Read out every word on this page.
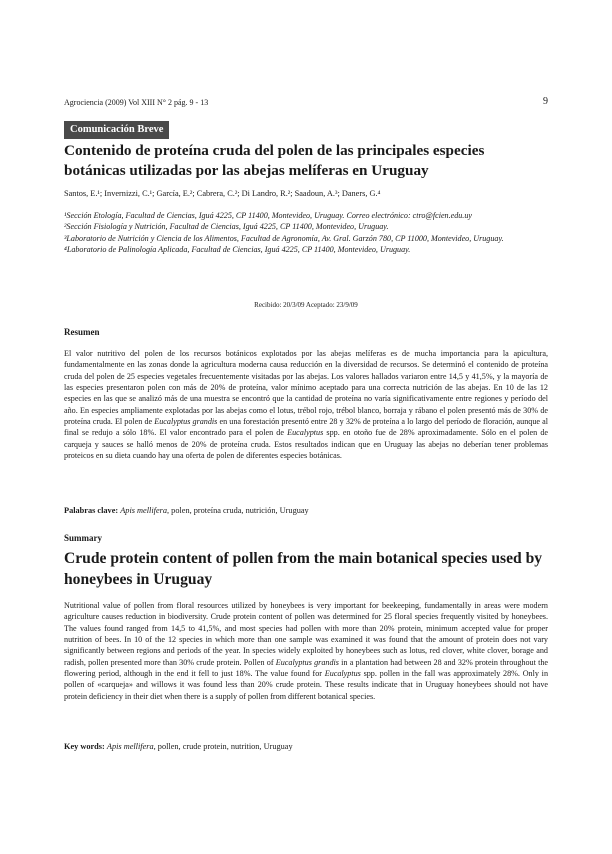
Agrociencia (2009) Vol XIII N° 2 pág. 9 - 13	9
Comunicación Breve
Contenido de proteína cruda del polen de las principales especies botánicas utilizadas por las abejas melíferas en Uruguay
Santos, E.¹; Invernizzi, C.¹; García, E.²; Cabrera, C.²; Di Landro, R.²; Saadoun, A.³; Daners, G.⁴

¹Sección Etología, Facultad de Ciencias, Iguá 4225, CP 11400, Montevideo, Uruguay. Correo electrónico: ctro@fcien.edu.uy

²Sección Fisiología y Nutrición, Facultad de Ciencias, Iguá 4225, CP 11400, Montevideo, Uruguay.

³Laboratorio de Nutrición y Ciencia de los Alimentos, Facultad de Agronomía, Av. Gral. Garzón 780, CP 11000, Montevideo, Uruguay.

⁴Laboratorio de Palinología Aplicada, Facultad de Ciencias, Iguá 4225, CP 11400, Montevideo, Uruguay.

Recibido: 20/3/09 Aceptado: 23/9/09
Resumen

El valor nutritivo del polen de los recursos botánicos explotados por las abejas melíferas es de mucha importancia para la apicultura, fundamentalmente en las zonas donde la agricultura moderna causa reducción en la diversidad de recursos. Se determinó el contenido de proteína cruda del polen de 25 especies vegetales frecuentemente visitadas por las abejas. Los valores hallados variaron entre 14,5 y 41,5%, y la mayoría de las especies presentaron polen con más de 20% de proteína, valor mínimo aceptado para una correcta nutrición de las abejas. En 10 de las 12 especies en las que se analizó más de una muestra se encontró que la cantidad de proteína no varía significativamente entre regiones y período del año. En especies ampliamente explotadas por las abejas como el lotus, trébol rojo, trébol blanco, borraja y rábano el polen presentó más de 30% de proteína cruda. El polen de Eucalyptus grandis en una forestación presentó entre 28 y 32% de proteína a lo largo del período de floración, aunque al final se redujo a sólo 18%. El valor encontrado para el polen de Eucalyptus spp. en otoño fue de 28% aproximadamente. Sólo en el polen de carqueja y sauces se halló menos de 20% de proteína cruda. Estos resultados indican que en Uruguay las abejas no deberían tener problemas proteicos en su dieta cuando hay una oferta de polen de diferentes especies botánicas.

Palabras clave: Apis mellifera, polen, proteína cruda, nutrición, Uruguay
Summary
Crude protein content of pollen from the main botanical species used by honeybees in Uruguay

Nutritional value of pollen from floral resources utilized by honeybees is very important for beekeeping, fundamentally in areas were modern agriculture causes reduction in biodiversity. Crude protein content of pollen was determined for 25 floral species frequently visited by honeybees. The values found ranged from 14,5 to 41,5%, and most species had pollen with more than 20% protein, minimum accepted value for proper nutrition of bees. In 10 of the 12 species in which more than one sample was examined it was found that the amount of protein does not vary significantly between regions and periods of the year. In species widely exploited by honeybees such as lotus, red clover, white clover, borage and radish, pollen presented more than 30% crude protein. Pollen of Eucalyptus grandis in a plantation had between 28 and 32% protein throughout the flowering period, although in the end it fell to just 18%. The value found for Eucalyptus spp. pollen in the fall was approximately 28%. Only in pollen of «carqueja» and willows it was found less than 20% crude protein. These results indicate that in Uruguay honeybees should not have protein deficiency in their diet when there is a supply of pollen from different botanical species.

Key words: Apis mellifera, pollen, crude protein, nutrition, Uruguay
